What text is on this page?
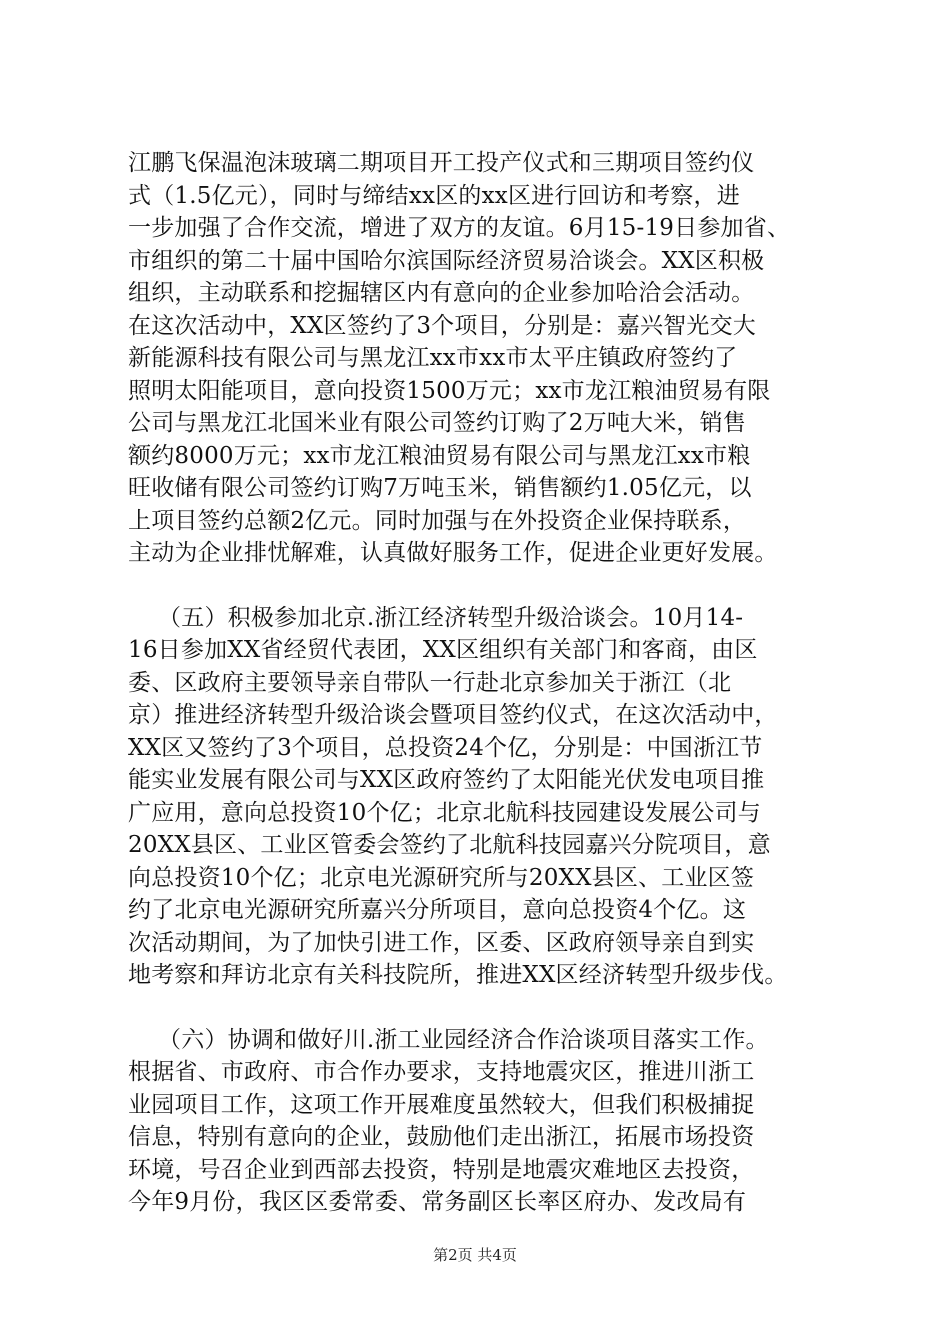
江鹏飞保温泡沫玻璃二期项目开工投产仪式和三期项目签约仪
式（1.5亿元），同时与缔结xx区的xx区进行回访和考察，进
一步加强了合作交流，增进了双方的友谊。6月15-19日参加省、
市组织的第二十届中国哈尔滨国际经济贸易洽谈会。XX区积极
组织，主动联系和挖掘辖区内有意向的企业参加哈洽会活动。
在这次活动中，XX区签约了3个项目，分别是：嘉兴智光交大
新能源科技有限公司与黑龙江xx市xx市太平庄镇政府签约了
照明太阳能项目，意向投资1500万元；xx市龙江粮油贸易有限
公司与黑龙江北国米业有限公司签约订购了2万吨大米，销售
额约8000万元；xx市龙江粮油贸易有限公司与黑龙江xx市粮
旺收储有限公司签约订购7万吨玉米，销售额约1.05亿元，以
上项目签约总额2亿元。同时加强与在外投资企业保持联系，
主动为企业排忧解难，认真做好服务工作，促进企业更好发展。

（五）积极参加北京.浙江经济转型升级洽谈会。10月14-
16日参加XX省经贸代表团，XX区组织有关部门和客商，由区
委、区政府主要领导亲自带队一行赴北京参加关于浙江（北
京）推进经济转型升级洽谈会暨项目签约仪式，在这次活动中，
XX区又签约了3个项目，总投资24个亿，分别是：中国浙江节
能实业发展有限公司与XX区政府签约了太阳能光伏发电项目推
广应用，意向总投资10个亿；北京北航科技园建设发展公司与
20XX县区、工业区管委会签约了北航科技园嘉兴分院项目，意
向总投资10个亿；北京电光源研究所与20XX县区、工业区签
约了北京电光源研究所嘉兴分所项目，意向总投资4个亿。这
次活动期间，为了加快引进工作，区委、区政府领导亲自到实
地考察和拜访北京有关科技院所，推进XX区经济转型升级步伐。

（六）协调和做好川.浙工业园经济合作洽谈项目落实工作。
根据省、市政府、市合作办要求，支持地震灾区，推进川浙工
业园项目工作，这项工作开展难度虽然较大，但我们积极捕捉
信息，特别有意向的企业，鼓励他们走出浙江，拓展市场投资
环境，号召企业到西部去投资，特别是地震灾难地区去投资，
今年9月份，我区区委常委、常务副区长率区府办、发改局有

第2页 共4页
